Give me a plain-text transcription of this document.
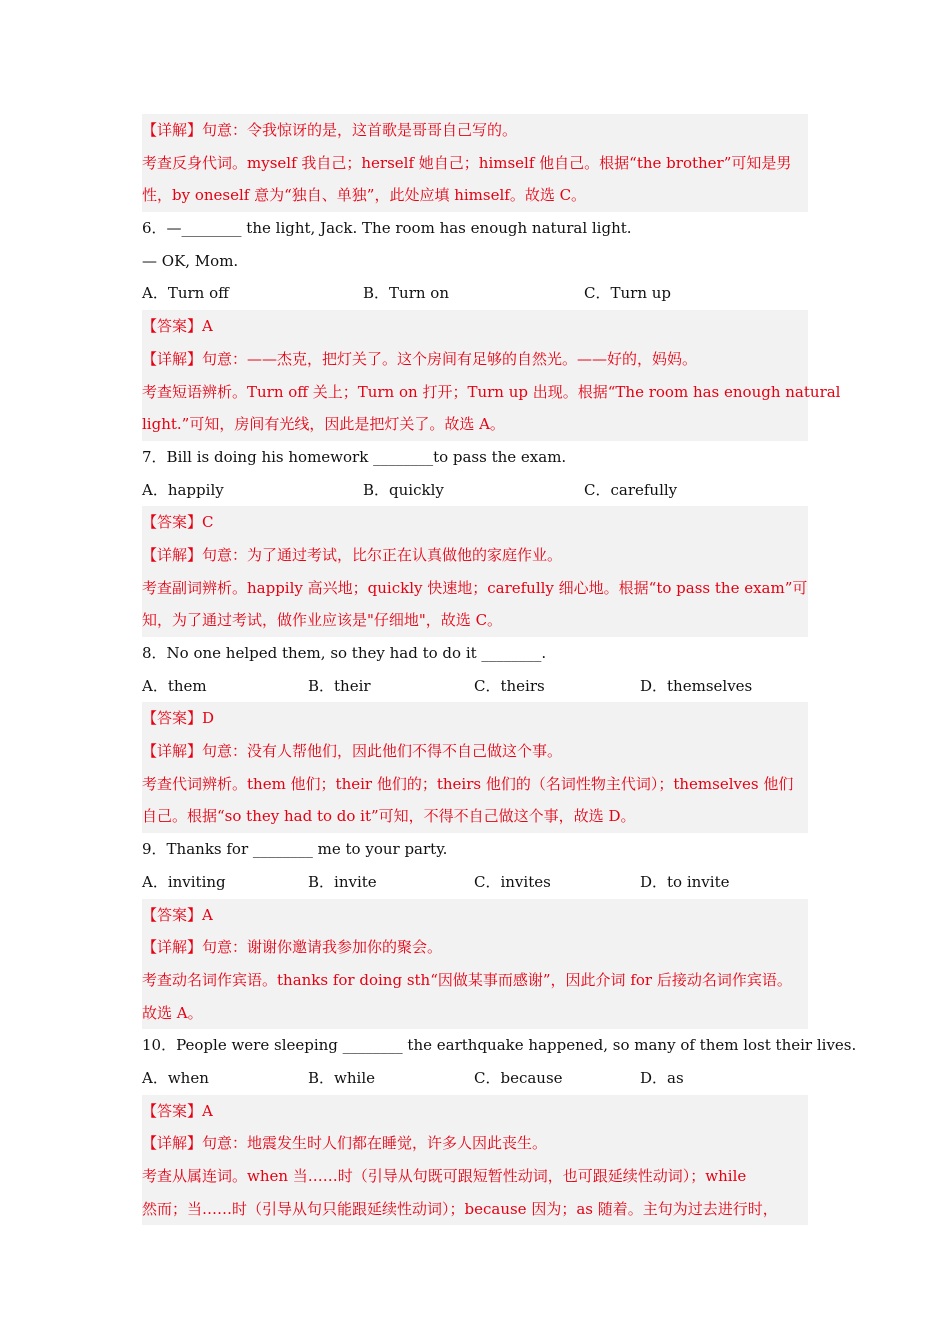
【详解】句意：令我惊讶的是，这首歌是哥哥自己写的。
考查反身代词。myself 我自己；herself 她自己；himself 他自己。根据“the brother”可知是男
性，by oneself 意为“独自、单独”，此处应填 himself。故选 C。
6．—________ the light, Jack. The room has enough natural light.
— OK, Mom.
A．Turn off	B．Turn on	C．Turn up
【答案】A
【详解】句意：——杰克，把灯关了。这个房间有足够的自然光。——好的，妈妈。
考查短语辨析。Turn off 关上；Turn on 打开；Turn up 出现。根据“The room has enough natural
light.”可知，房间有光线，因此是把灯关了。故选 A。
7．Bill is doing his homework ________to pass the exam.
A．happily	B．quickly	C．carefully
【答案】C
【详解】句意：为了通过考试，比尔正在认真做他的家庭作业。
考查副词辨析。happily 高兴地；quickly 快速地；carefully 细心地。根据“to pass the exam”可
知，为了通过考试，做作业应该是"仔细地"，故选 C。
8．No one helped them, so they had to do it ________.
A．them	B．their	C．theirs	D．themselves
【答案】D
【详解】句意：没有人帮他们，因此他们不得不自己做这个事。
考查代词辨析。them 他们；their 他们的；theirs 他们的（名词性物主代词）；themselves 他们
自己。根据“so they had to do it”可知，不得不自己做这个事，故选 D。
9．Thanks for ________ me to your party.
A．inviting	B．invite	C．invites	D．to invite
【答案】A
【详解】句意：谢谢你邀请我参加你的聚会。
考查动名词作宾语。thanks for doing sth“因做某事而感谢”，因此介词 for 后接动名词作宾语。
故选 A。
10．People were sleeping ________ the earthquake happened, so many of them lost their lives.
A．when	B．while	C．because	D．as
【答案】A
【详解】句意：地震发生时人们都在睡觉，许多人因此丧生。
考查从属连词。when 当……时（引导从句既可跟短暂性动词，也可跟延续性动词）；while
然而；当……时（引导从句只能跟延续性动词）；because 因为；as 随着。主句为过去进行时，
